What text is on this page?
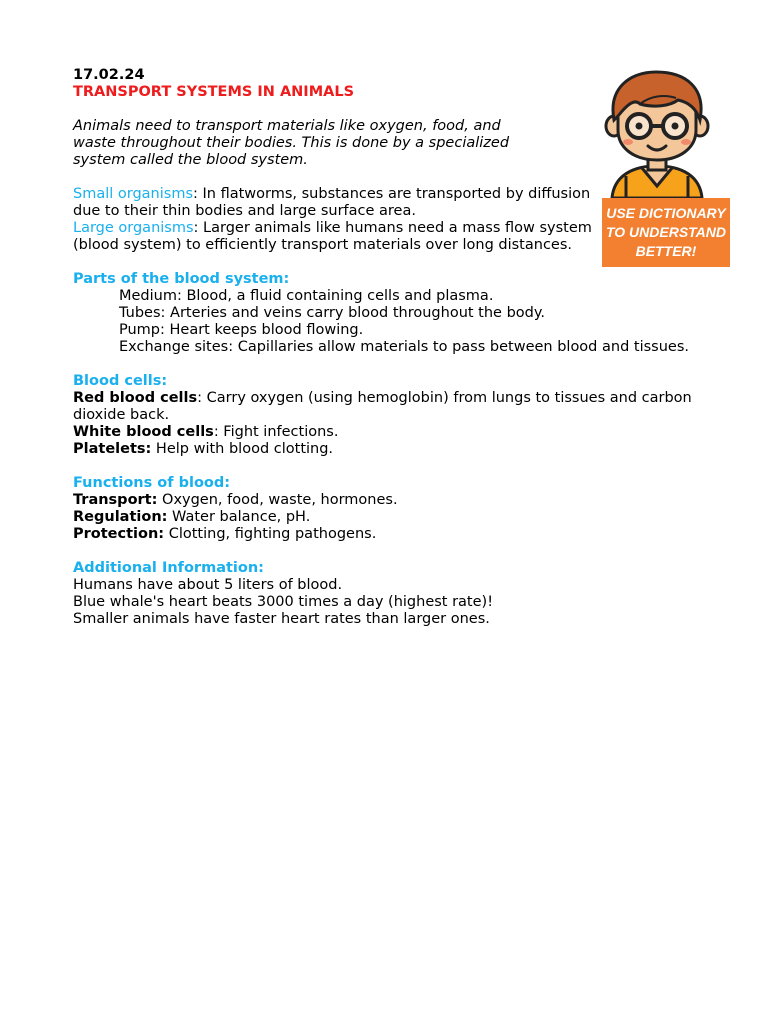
17.02.24
TRANSPORT SYSTEMS IN ANIMALS
Animals need to transport materials like oxygen, food, and
waste throughout their bodies. This is done by a specialized
system called the blood system.
Small organisms: In flatworms, substances are transported by diffusion due to their thin bodies and large surface area.
Large organisms: Larger animals like humans need a mass flow system (blood system) to efficiently transport materials over long distances.
Parts of the blood system:
Medium: Blood, a fluid containing cells and plasma.
Tubes: Arteries and veins carry blood throughout the body.
Pump: Heart keeps blood flowing.
Exchange sites: Capillaries allow materials to pass between blood and tissues.
Blood cells:
Red blood cells: Carry oxygen (using hemoglobin) from lungs to tissues and carbon dioxide back.
White blood cells: Fight infections.
Platelets: Help with blood clotting.
Functions of blood:
Transport: Oxygen, food, waste, hormones.
Regulation: Water balance, pH.
Protection: Clotting, fighting pathogens.
Additional Information:
Humans have about 5 liters of blood.
Blue whale's heart beats 3000 times a day (highest rate)!
Smaller animals have faster heart rates than larger ones.
USE DICTIONARY
TO UNDERSTAND
BETTER!
